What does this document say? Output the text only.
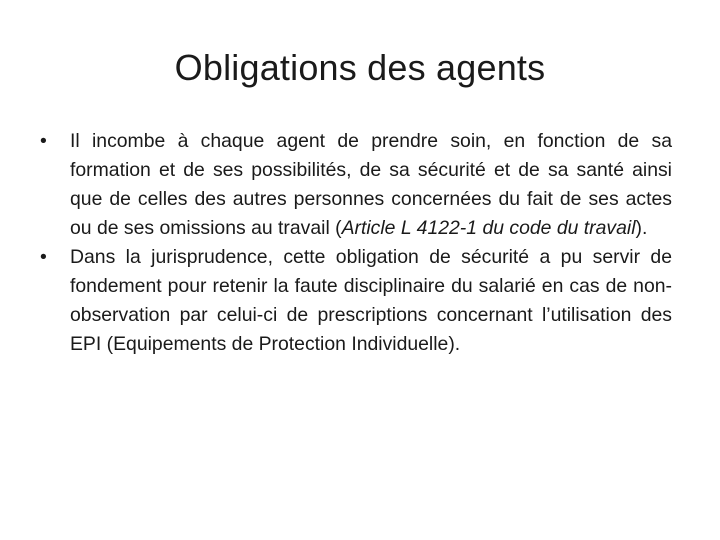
Obligations des agents
•	Il incombe à chaque agent de prendre soin, en fonction de sa formation et de ses possibilités, de sa sécurité et de sa santé ainsi que de celles des autres personnes concernées du fait de ses actes ou de ses omissions au travail (Article L 4122-1 du code du travail).
•	Dans la jurisprudence, cette obligation de sécurité a pu servir de fondement pour retenir la faute disciplinaire du salarié en cas de non-observation par celui-ci de prescriptions concernant l’utilisation des EPI (Equipements de Protection Individuelle).
